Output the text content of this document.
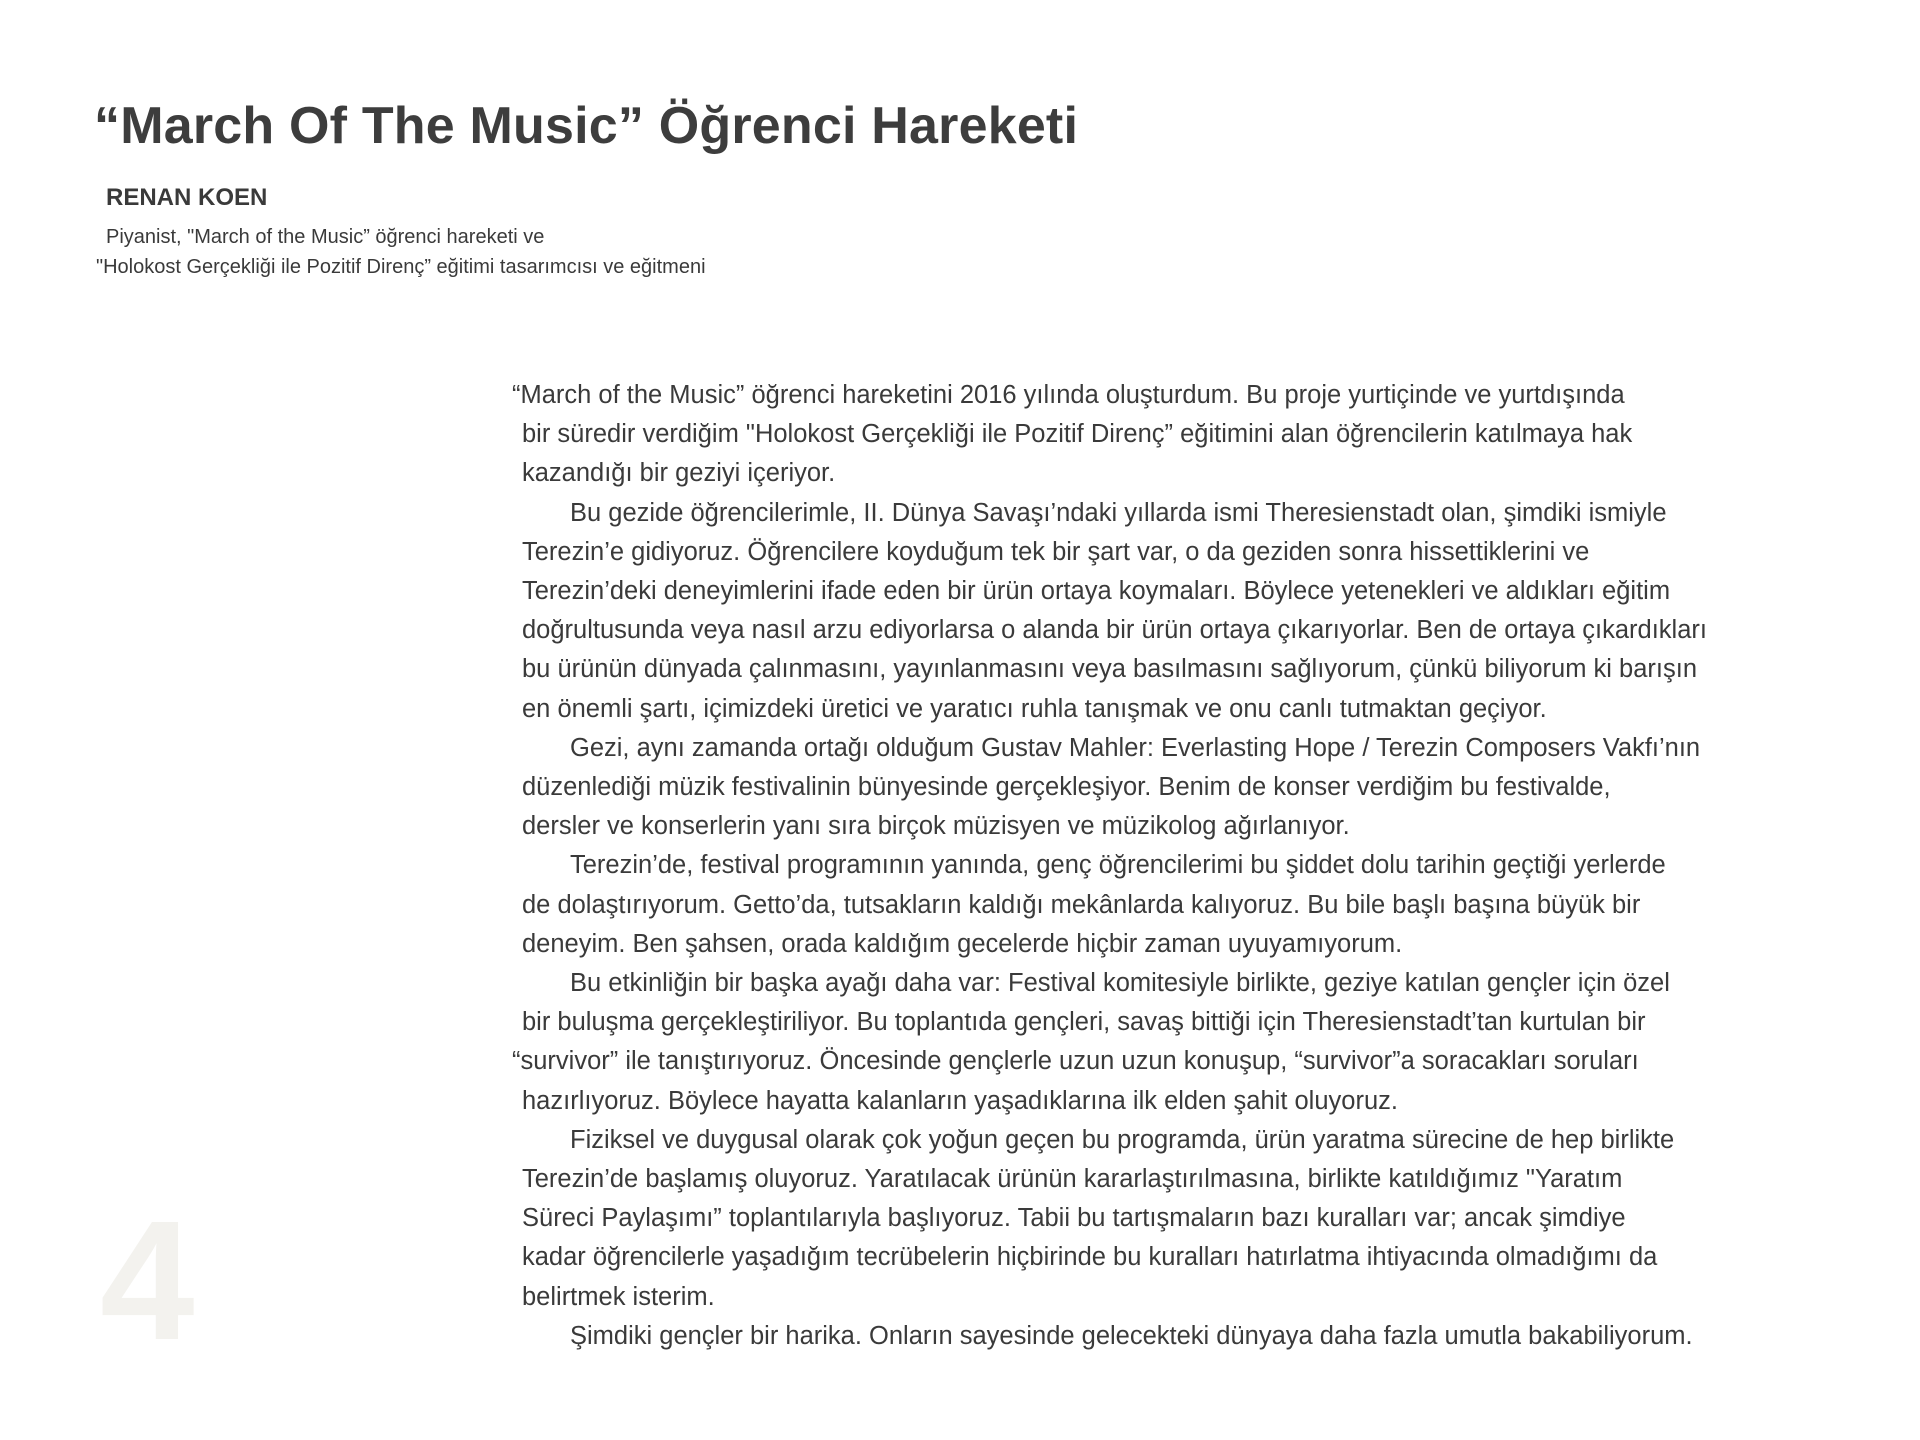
“March Of The Music” Öğrenci Hareketi
RENAN KOEN
Piyanist, "March of the Music” öğrenci hareketi ve
"Holokost Gerçekliği ile Pozitif Direnç” eğitimi tasarımcısı ve eğitmeni
4
“March of the Music” öğrenci hareketini 2016 yılında oluşturdum. Bu proje yurtiçinde ve yurtdışında
bir süredir verdiğim "Holokost Gerçekliği ile Pozitif Direnç” eğitimini alan öğrencilerin katılmaya hak
kazandığı bir geziyi içeriyor.
Bu gezide öğrencilerimle, II. Dünya Savaşı’ndaki yıllarda ismi Theresienstadt olan, şimdiki ismiyle
Terezin’e gidiyoruz. Öğrencilere koyduğum tek bir şart var, o da geziden sonra hissettiklerini ve
Terezin’deki deneyimlerini ifade eden bir ürün ortaya koymaları. Böylece yetenekleri ve aldıkları eğitim
doğrultusunda veya nasıl arzu ediyorlarsa o alanda bir ürün ortaya çıkarıyorlar. Ben de ortaya çıkardıkları
bu ürünün dünyada çalınmasını, yayınlanmasını veya basılmasını sağlıyorum, çünkü biliyorum ki barışın
en önemli şartı, içimizdeki üretici ve yaratıcı ruhla tanışmak ve onu canlı tutmaktan geçiyor.
Gezi, aynı zamanda ortağı olduğum Gustav Mahler: Everlasting Hope / Terezin Composers Vakfı’nın
düzenlediği müzik festivalinin bünyesinde gerçekleşiyor. Benim de konser verdiğim bu festivalde,
dersler ve konserlerin yanı sıra birçok müzisyen ve müzikolog ağırlanıyor.
Terezin’de, festival programının yanında, genç öğrencilerimi bu şiddet dolu tarihin geçtiği yerlerde
de dolaştırıyorum. Getto’da, tutsakların kaldığı mekânlarda kalıyoruz. Bu bile başlı başına büyük bir
deneyim. Ben şahsen, orada kaldığım gecelerde hiçbir zaman uyuyamıyorum.
Bu etkinliğin bir başka ayağı daha var: Festival komitesiyle birlikte, geziye katılan gençler için özel
bir buluşma gerçekleştiriliyor. Bu toplantıda gençleri, savaş bittiği için Theresienstadt’tan kurtulan bir
“survivor” ile tanıştırıyoruz. Öncesinde gençlerle uzun uzun konuşup, “survivor”a soracakları soruları
hazırlıyoruz. Böylece hayatta kalanların yaşadıklarına ilk elden şahit oluyoruz.
Fiziksel ve duygusal olarak çok yoğun geçen bu programda, ürün yaratma sürecine de hep birlikte
Terezin’de başlamış oluyoruz. Yaratılacak ürünün kararlaştırılmasına, birlikte katıldığımız "Yaratım
Süreci Paylaşımı” toplantılarıyla başlıyoruz. Tabii bu tartışmaların bazı kuralları var; ancak şimdiye
kadar öğrencilerle yaşadığım tecrübelerin hiçbirinde bu kuralları hatırlatma ihtiyacında olmadığımı da
belirtmek isterim.
Şimdiki gençler bir harika. Onların sayesinde gelecekteki dünyaya daha fazla umutla bakabiliyorum.
